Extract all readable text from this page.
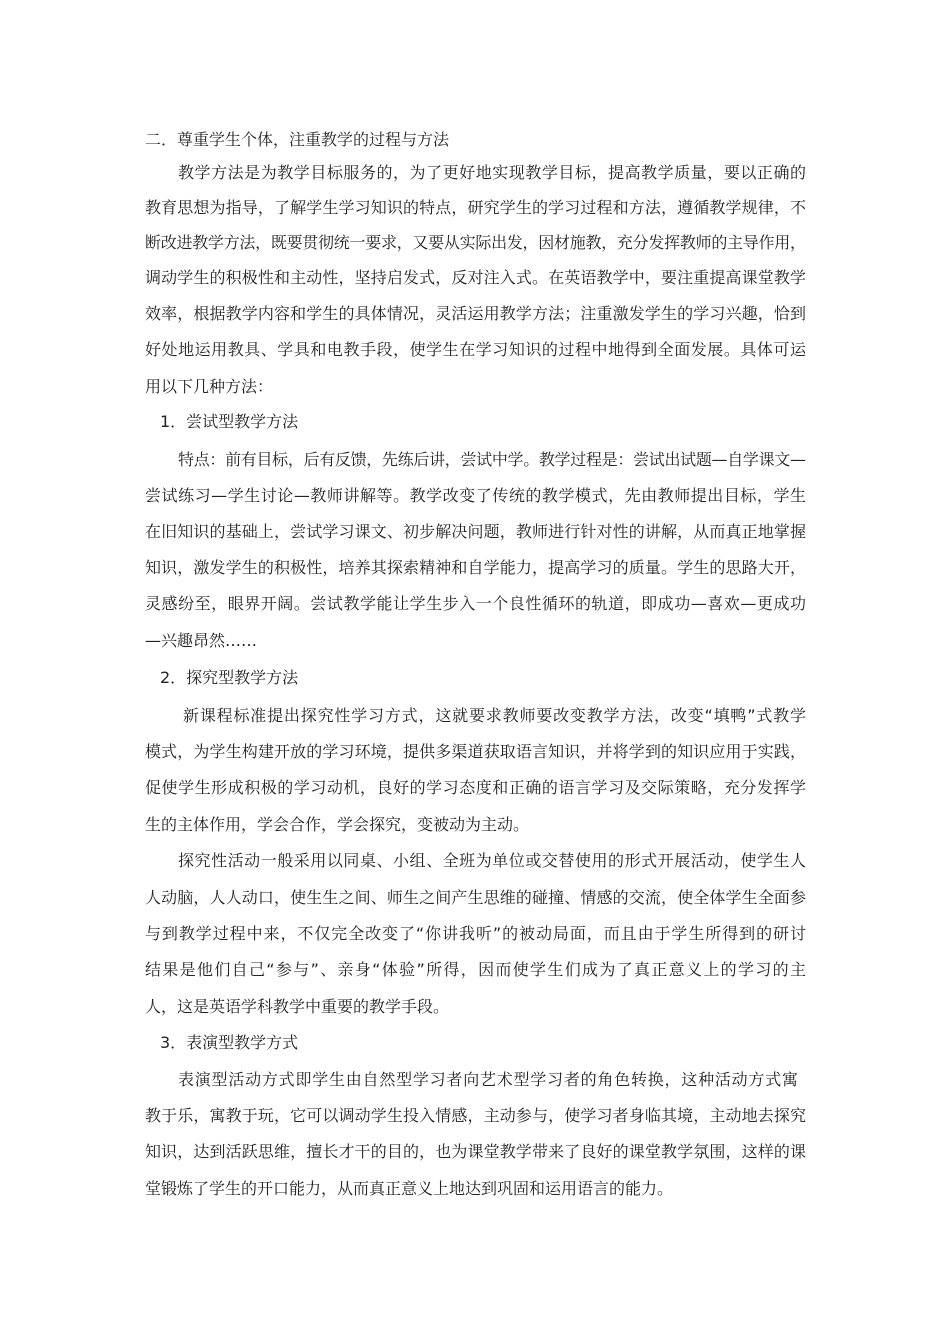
二．尊重学生个体，注重教学的过程与方法
教学方法是为教学目标服务的，为了更好地实现教学目标，提高教学质量，要以正确的
教育思想为指导，了解学生学习知识的特点，研究学生的学习过程和方法，遵循教学规律，不
断改进教学方法，既要贯彻统一要求，又要从实际出发，因材施教，充分发挥教师的主导作用，
调动学生的积极性和主动性，坚持启发式，反对注入式。在英语教学中，要注重提高课堂教学
效率，根据教学内容和学生的具体情况，灵活运用教学方法；注重激发学生的学习兴趣，恰到
好处地运用教具、学具和电教手段，使学生在学习知识的过程中地得到全面发展。具体可运
用以下几种方法：
1．尝试型教学方法
特点：前有目标，后有反馈，先练后讲，尝试中学。教学过程是：尝试出试题—自学课文—
尝试练习—学生讨论—教师讲解等。教学改变了传统的教学模式，先由教师提出目标，学生
在旧知识的基础上，尝试学习课文、初步解决问题，教师进行针对性的讲解，从而真正地掌握
知识，激发学生的积极性，培养其探索精神和自学能力，提高学习的质量。学生的思路大开，
灵感纷至，眼界开阔。尝试教学能让学生步入一个良性循环的轨道，即成功—喜欢—更成功
—兴趣昂然……
2．探究型教学方法
新课程标准提出探究性学习方式，这就要求教师要改变教学方法，改变“填鸭”式教学
模式，为学生构建开放的学习环境，提供多渠道获取语言知识，并将学到的知识应用于实践，
促使学生形成积极的学习动机，良好的学习态度和正确的语言学习及交际策略，充分发挥学
生的主体作用，学会合作，学会探究，变被动为主动。
探究性活动一般采用以同桌、小组、全班为单位或交替使用的形式开展活动，使学生人
人动脑，人人动口，使生生之间、师生之间产生思维的碰撞、情感的交流，使全体学生全面参
与到教学过程中来，不仅完全改变了“你讲我听”的被动局面，而且由于学生所得到的研讨
结果是他们自己“参与”、亲身“体验”所得，因而使学生们成为了真正意义上的学习的主
人，这是英语学科教学中重要的教学手段。
3．表演型教学方式
表演型活动方式即学生由自然型学习者向艺术型学习者的角色转换，这种活动方式寓
教于乐，寓教于玩，它可以调动学生投入情感，主动参与，使学习者身临其境，主动地去探究
知识，达到活跃思维，擅长才干的目的，也为课堂教学带来了良好的课堂教学氛围，这样的课
堂锻炼了学生的开口能力，从而真正意义上地达到巩固和运用语言的能力。
